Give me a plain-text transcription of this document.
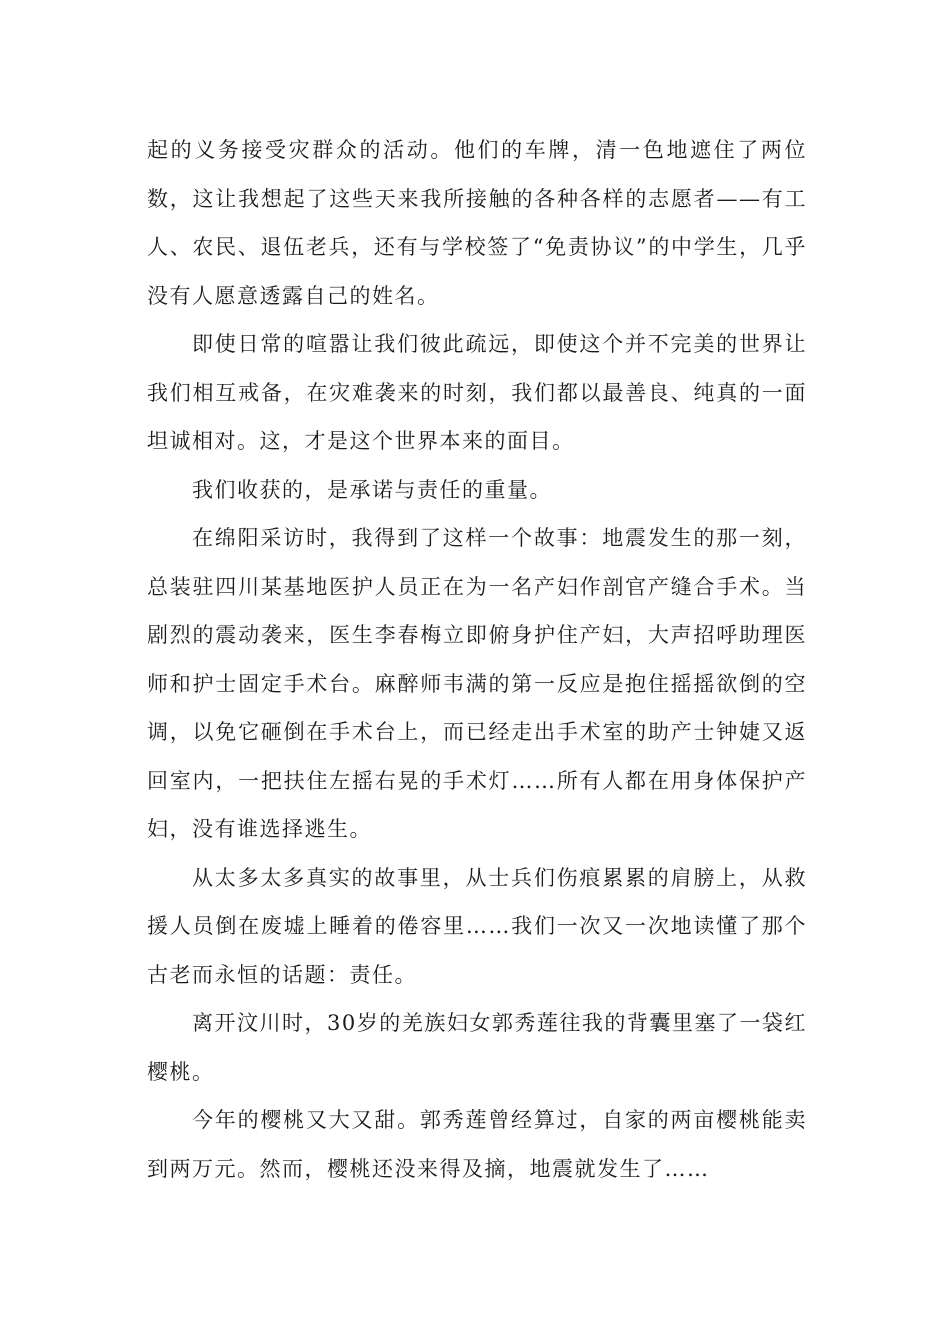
起的义务接受灾群众的活动。他们的车牌，清一色地遮住了两位数，这让我想起了这些天来我所接触的各种各样的志愿者——有工人、农民、退伍老兵，还有与学校签了“免责协议”的中学生，几乎没有人愿意透露自己的姓名。

即使日常的喧嚣让我们彼此疏远，即使这个并不完美的世界让我们相互戒备，在灾难袭来的时刻，我们都以最善良、纯真的一面坦诚相对。这，才是这个世界本来的面目。

我们收获的，是承诺与责任的重量。

在绵阳采访时，我得到了这样一个故事：地震发生的那一刻，总装驻四川某基地医护人员正在为一名产妇作剖官产缝合手术。当剧烈的震动袭来，医生李春梅立即俯身护住产妇，大声招呼助理医师和护士固定手术台。麻醉师韦满的第一反应是抱住摇摇欲倒的空调，以免它砸倒在手术台上，而已经走出手术室的助产士钟婕又返回室内，一把扶住左摇右晃的手术灯……所有人都在用身体保护产妇，没有谁选择逃生。

从太多太多真实的故事里，从士兵们伤痕累累的肩膀上，从救援人员倒在废墟上睡着的倦容里……我们一次又一次地读懂了那个古老而永恒的话题：责任。

离开汶川时，30岁的羌族妇女郭秀莲往我的背囊里塞了一袋红樱桃。

今年的樱桃又大又甜。郭秀莲曾经算过，自家的两亩樱桃能卖到两万元。然而，樱桃还没来得及摘，地震就发生了……
